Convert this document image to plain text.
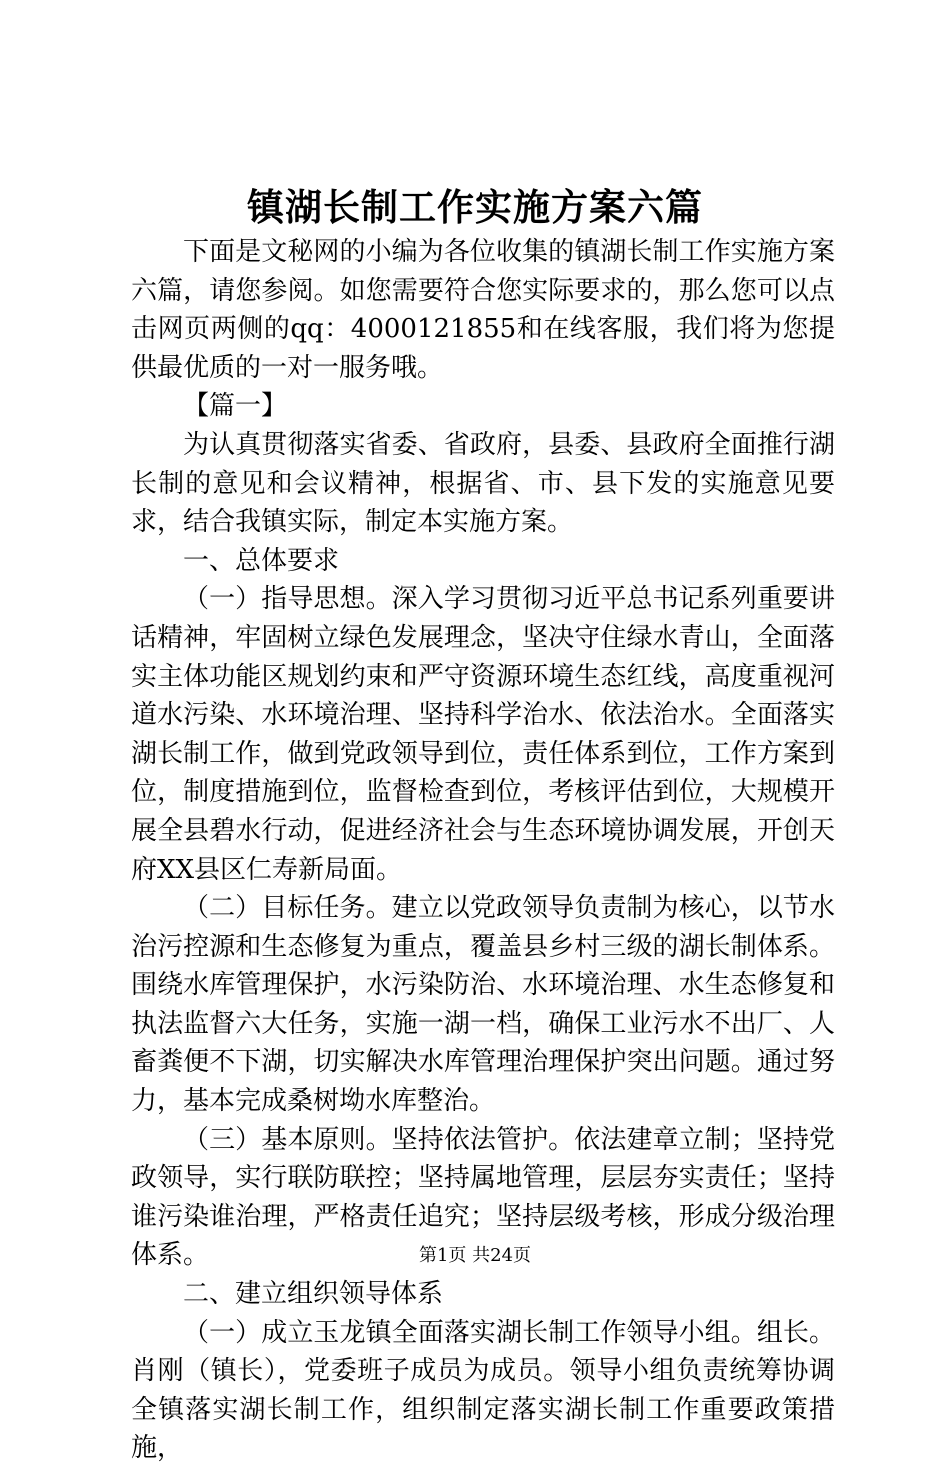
镇湖长制工作实施方案六篇

下面是文秘网的小编为各位收集的镇湖长制工作实施方案六篇，请您参阅。如您需要符合您实际要求的，那么您可以点击网页两侧的qq：4000121855和在线客服，我们将为您提供最优质的一对一服务哦。

【篇一】

为认真贯彻落实省委、省政府，县委、县政府全面推行湖长制的意见和会议精神，根据省、市、县下发的实施意见要求，结合我镇实际，制定本实施方案。

一、总体要求

（一）指导思想。深入学习贯彻习近平总书记系列重要讲话精神，牢固树立绿色发展理念，坚决守住绿水青山，全面落实主体功能区规划约束和严守资源环境生态红线，高度重视河道水污染、水环境治理、坚持科学治水、依法治水。全面落实湖长制工作，做到党政领导到位，责任体系到位，工作方案到位，制度措施到位，监督检查到位，考核评估到位，大规模开展全县碧水行动，促进经济社会与生态环境协调发展，开创天府XX县区仁寿新局面。

（二）目标任务。建立以党政领导负责制为核心，以节水治污控源和生态修复为重点，覆盖县乡村三级的湖长制体系。围绕水库管理保护，水污染防治、水环境治理、水生态修复和执法监督六大任务，实施一湖一档，确保工业污水不出厂、人畜粪便不下湖，切实解决水库管理治理保护突出问题。通过努力，基本完成桑树坳水库整治。

（三）基本原则。坚持依法管护。依法建章立制；坚持党政领导，实行联防联控；坚持属地管理，层层夯实责任；坚持谁污染谁治理，严格责任追究；坚持层级考核，形成分级治理体系。

二、建立组织领导体系

（一）成立玉龙镇全面落实湖长制工作领导小组。组长。肖刚（镇长），党委班子成员为成员。领导小组负责统筹协调全镇落实湖长制工作，组织制定落实湖长制工作重要政策措施，

第1页 共24页
